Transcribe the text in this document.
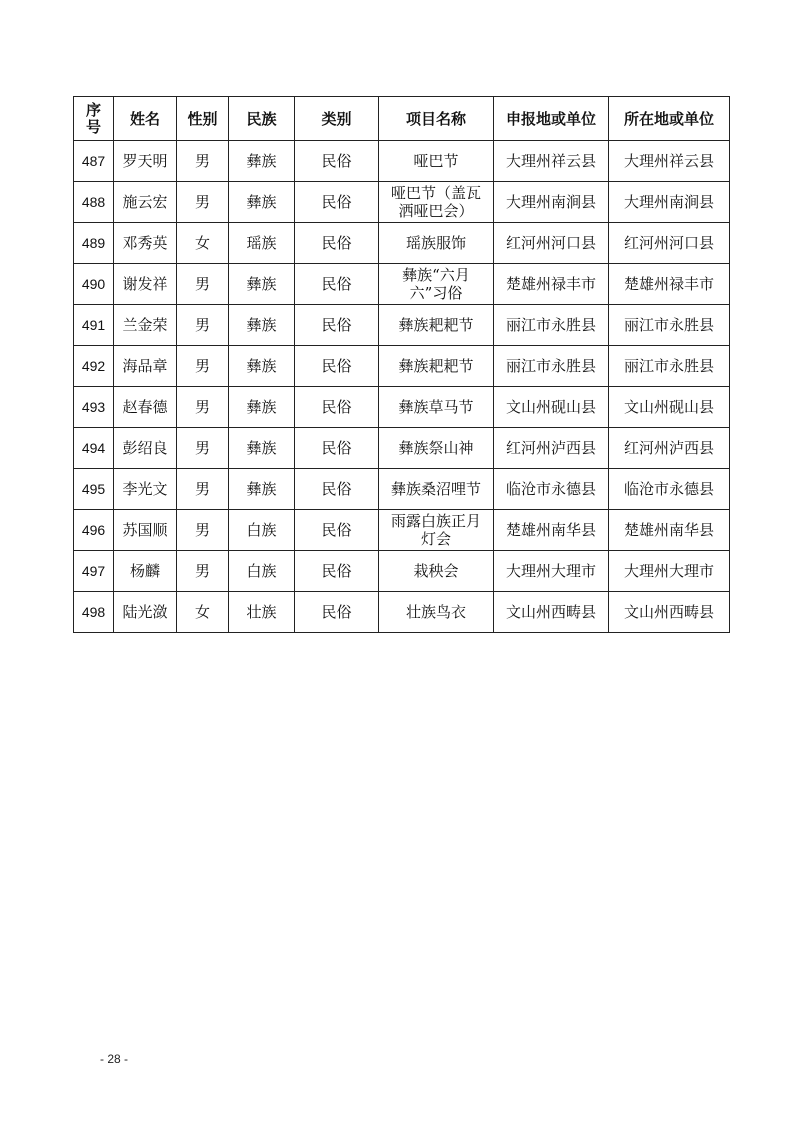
序号	姓名	性别	民族	类别	项目名称	申报地或单位	所在地或单位
487	罗天明	男	彝族	民俗	哑巴节	大理州祥云县	大理州祥云县
488	施云宏	男	彝族	民俗	哑巴节（盖瓦洒哑巴会）	大理州南涧县	大理州南涧县
489	邓秀英	女	瑶族	民俗	瑶族服饰	红河州河口县	红河州河口县
490	谢发祥	男	彝族	民俗	彝族“六月六”习俗	楚雄州禄丰市	楚雄州禄丰市
491	兰金荣	男	彝族	民俗	彝族耙耙节	丽江市永胜县	丽江市永胜县
492	海品章	男	彝族	民俗	彝族耙耙节	丽江市永胜县	丽江市永胜县
493	赵春德	男	彝族	民俗	彝族草马节	文山州砚山县	文山州砚山县
494	彭绍良	男	彝族	民俗	彝族祭山神	红河州泸西县	红河州泸西县
495	李光文	男	彝族	民俗	彝族桑沼哩节	临沧市永德县	临沧市永德县
496	苏国顺	男	白族	民俗	雨露白族正月灯会	楚雄州南华县	楚雄州南华县
497	杨麟	男	白族	民俗	栽秧会	大理州大理市	大理州大理市
498	陆光潋	女	壮族	民俗	壮族鸟衣	文山州西畴县	文山州西畴县
- 28 -
